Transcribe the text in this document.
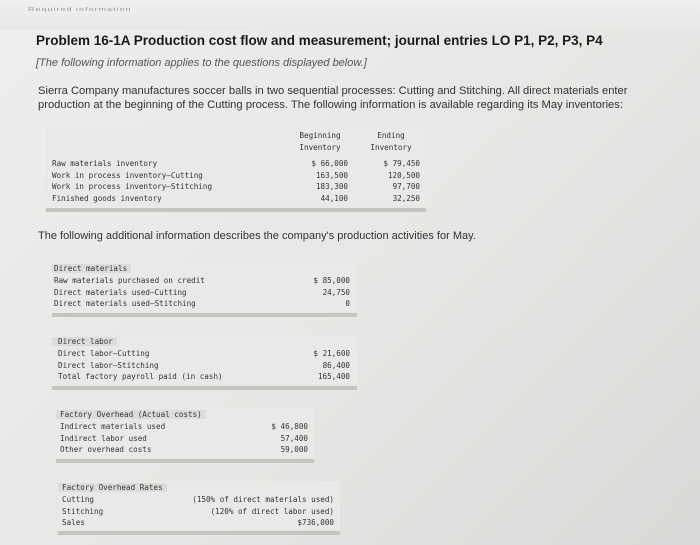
Required information
Problem 16-1A Production cost flow and measurement; journal entries LO P1, P2, P3, P4
[The following information applies to the questions displayed below.]
Sierra Company manufactures soccer balls in two sequential processes: Cutting and Stitching. All direct materials enter
production at the beginning of the Cutting process. The following information is available regarding its May inventories:
Beginning
Inventory
Ending
Inventory
Raw materials inventory
Work in process inventory–Cutting
Work in process inventory–Stitching
Finished goods inventory
$ 66,000
163,500
183,300
44,100
$ 79,450
120,500
97,700
32,250
The following additional information describes the company's production activities for May.
Direct materials
Raw materials purchased on credit
Direct materials used–Cutting
Direct materials used–Stitching
$ 85,000
24,750
0
Direct labor
Direct labor–Cutting
Direct labor–Stitching
Total factory payroll paid (in cash)
$ 21,600
86,400
165,400
Factory Overhead (Actual costs)
Indirect materials used
Indirect labor used
Other overhead costs
$ 46,800
57,400
59,000
Factory Overhead Rates
Cutting
Stitching
Sales
(150% of direct materials used)
(120% of direct labor used)
$736,000
